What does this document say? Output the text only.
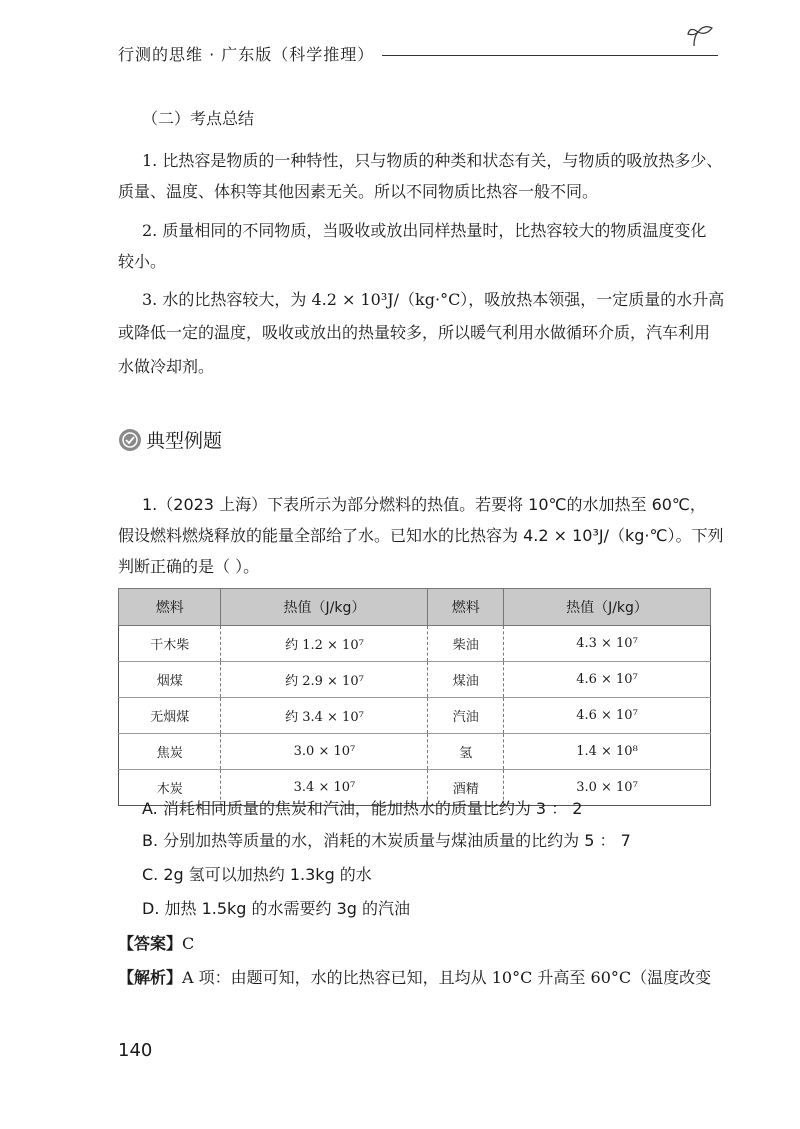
行测的思维 · 广东版（科学推理）
（二）考点总结
1. 比热容是物质的一种特性，只与物质的种类和状态有关，与物质的吸放热多少、
质量、温度、体积等其他因素无关。所以不同物质比热容一般不同。
2. 质量相同的不同物质，当吸收或放出同样热量时，比热容较大的物质温度变化
较小。
3. 水的比热容较大，为 4.2 × 10³J/（kg·°C），吸放热本领强，一定质量的水升高
或降低一定的温度，吸收或放出的热量较多，所以暖气利用水做循环介质，汽车利用
水做冷却剂。
典型例题
1.（2023 上海）下表所示为部分燃料的热值。若要将 10℃的水加热至 60℃，
假设燃料燃烧释放的能量全部给了水。已知水的比热容为 4.2 × 10³J/（kg·℃）。下列
判断正确的是（ ）。
燃料	热值（J/kg）	燃料	热值（J/kg）
干木柴	约 1.2 × 10⁷	柴油	4.3 × 10⁷
烟煤	约 2.9 × 10⁷	煤油	4.6 × 10⁷
无烟煤	约 3.4 × 10⁷	汽油	4.6 × 10⁷
焦炭	3.0 × 10⁷	氢	1.4 × 10⁸
木炭	3.4 × 10⁷	酒精	3.0 × 10⁷
A. 消耗相同质量的焦炭和汽油，能加热水的质量比约为 3 ： 2
B. 分别加热等质量的水，消耗的木炭质量与煤油质量的比约为 5 ： 7
C. 2g 氢可以加热约 1.3kg 的水
D. 加热 1.5kg 的水需要约 3g 的汽油
【答案】C
【解析】A 项：由题可知，水的比热容已知，且均从 10°C 升高至 60°C（温度改变
140
